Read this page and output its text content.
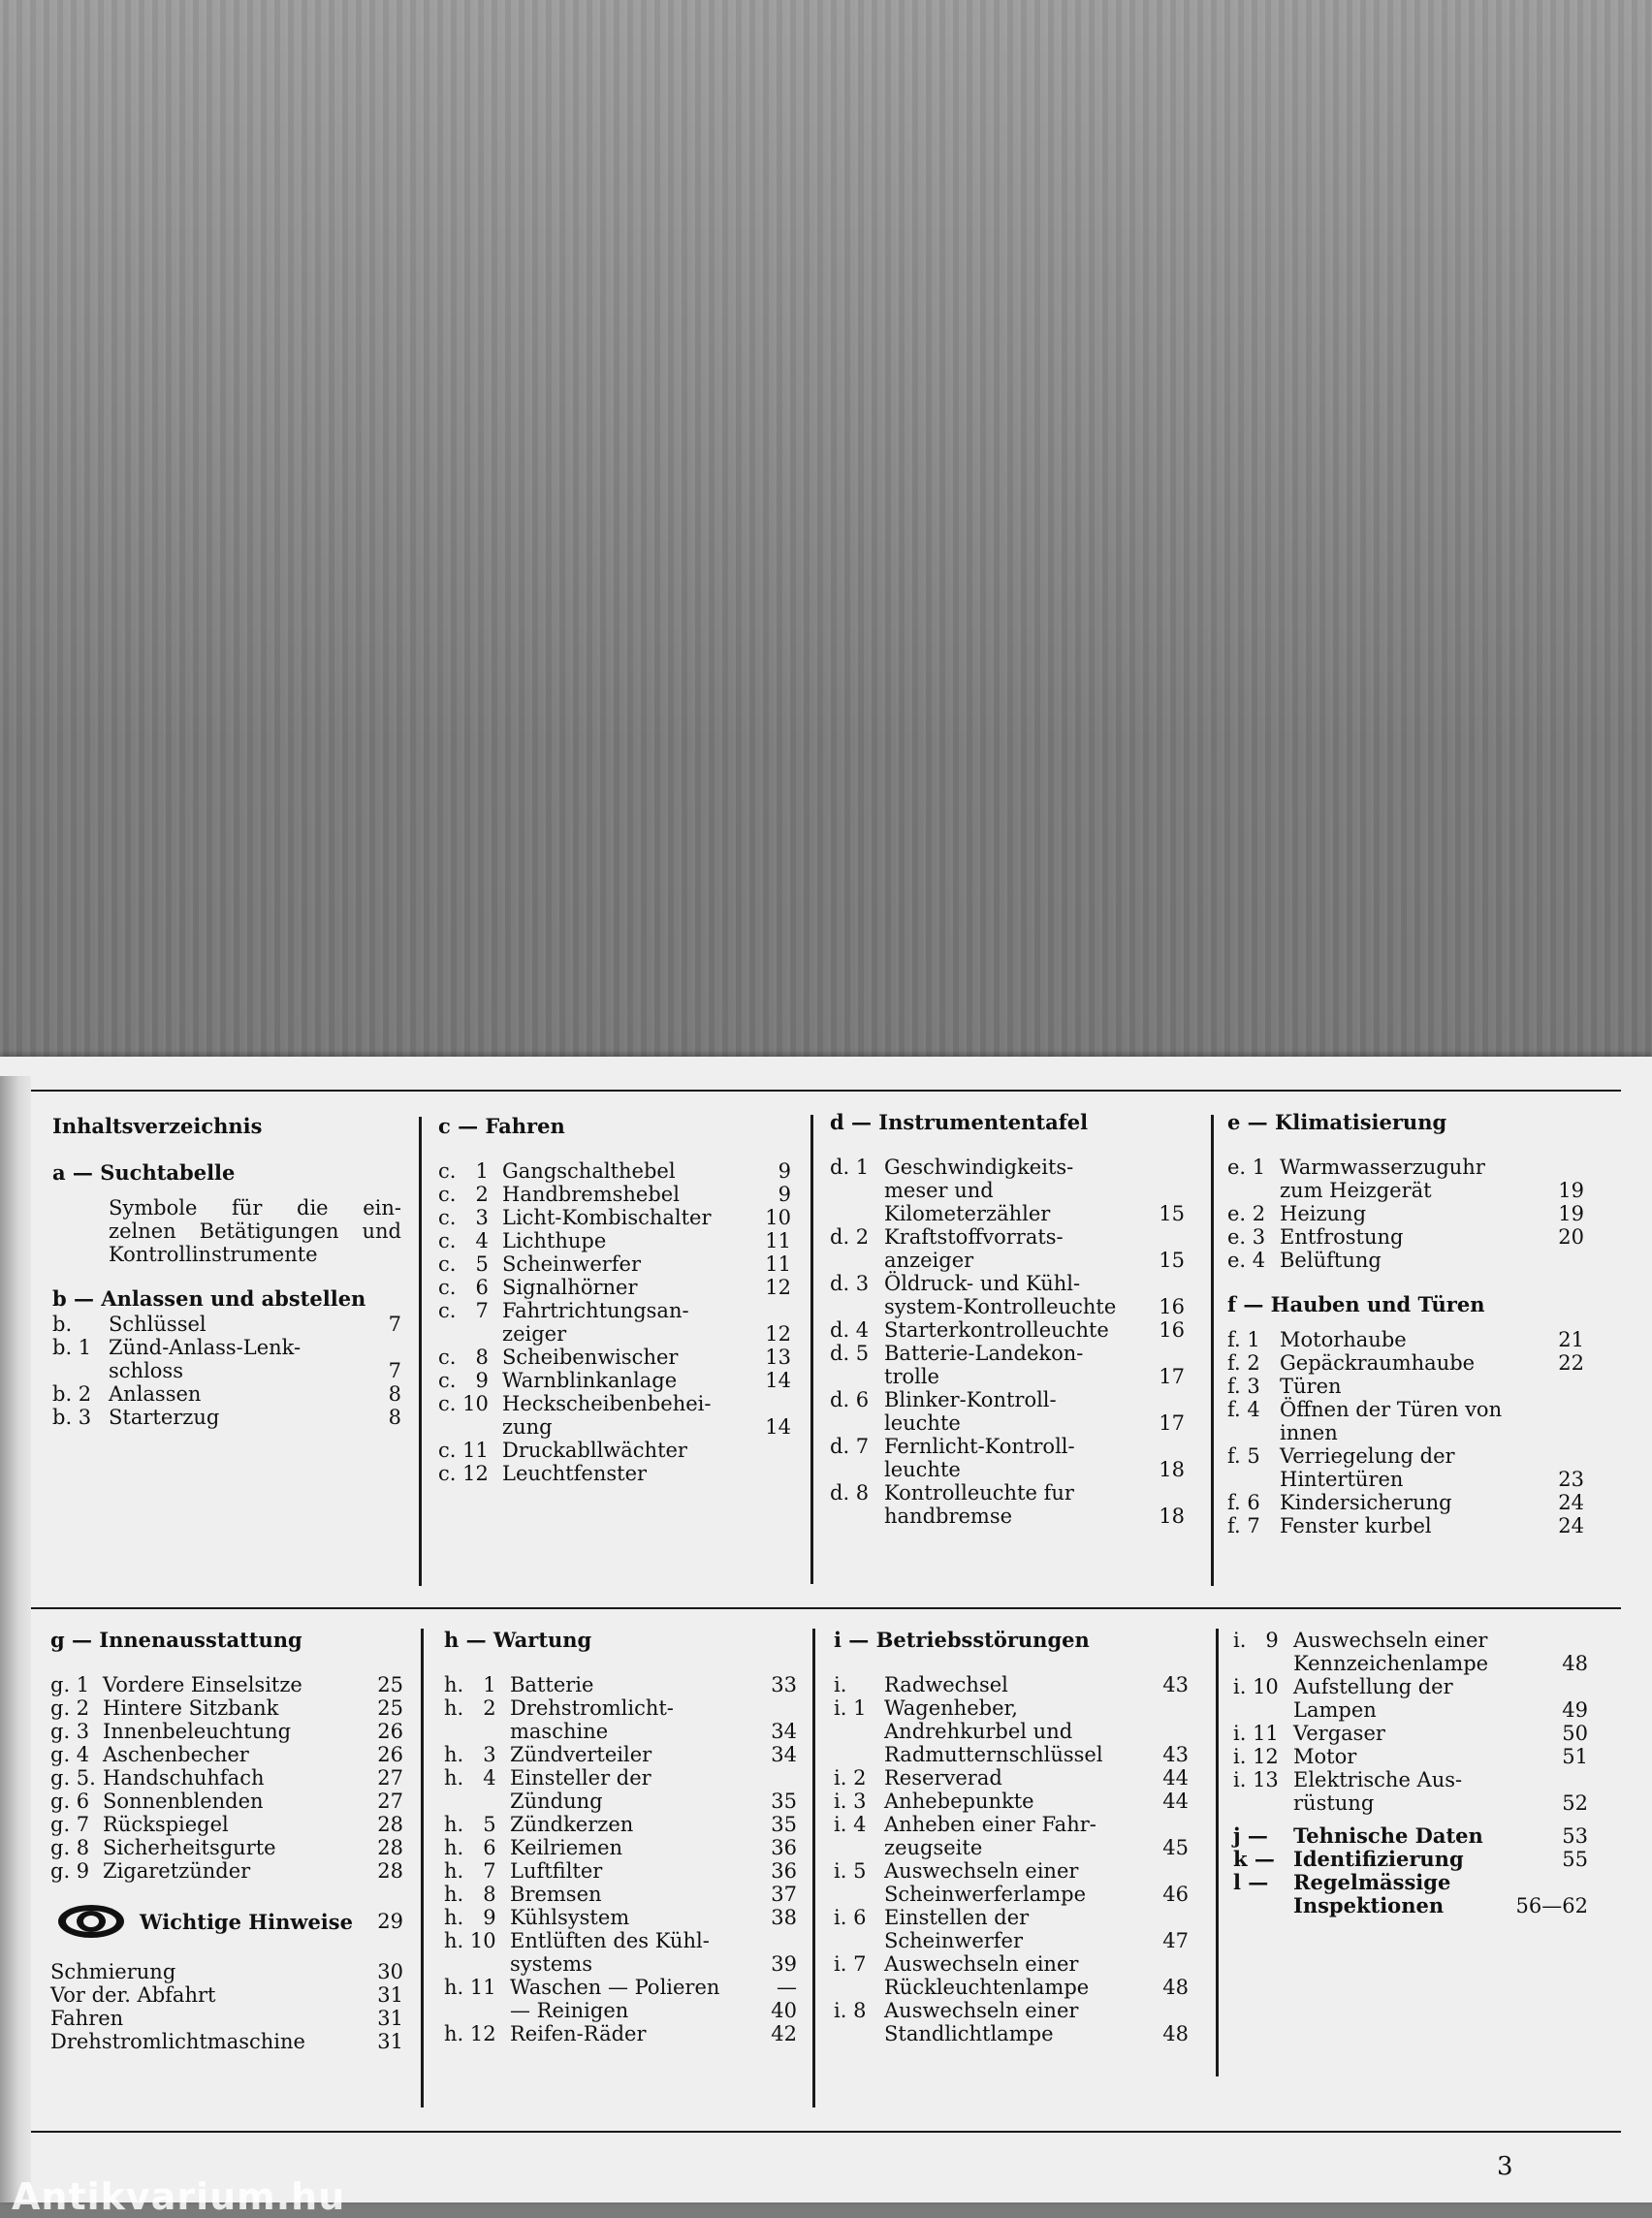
Inhaltsverzeichnis
a — Suchtabelle
Symbole für die ein-
zelnen Betätigungen und
Kontrollinstrumente
b — Anlassen und abstellen
b. Schlüssel	7
b. 1 Zünd-Anlass-Lenk-
schloss	7
b. 2 Anlassen	8
b. 3 Starterzug	8
c — Fahren
c.   1 Gangschalthebel	9
c.   2 Handbremshebel	9
c.   3 Licht-Kombischalter	10
c.   4 Lichthupe	11
c.   5 Scheinwerfer	11
c.   6 Signalhörner	12
c.   7 Fahrtrichtungsan-
zeiger	12
c.   8 Scheibenwischer	13
c.   9 Warnblinkanlage	14
c. 10 Heckscheibenbehei-
zung	14
c. 11 Druckabllwächter
c. 12 Leuchtfenster
d — Instrumententafel
d. 1 Geschwindigkeits-
meser und
Kilometerzähler	15
d. 2 Kraftstoffvorrats-
anzeiger	15
d. 3 Öldruck- und Kühl-
system-Kontrolleuchte 16
d. 4 Starterkontrolleuchte 16
d. 5 Batterie-Landekon-
trolle	17
d. 6 Blinker-Kontroll-
leuchte	17
d. 7 Fernlicht-Kontroll-
leuchte	18
d. 8 Kontrolleuchte fur
handbremse	18
e — Klimatisierung
e. 1 Warmwasserzuguhr
zum Heizgerät	19
e. 2 Heizung	19
e. 3 Entfrostung	20
e. 4 Belüftung
f — Hauben und Türen
f. 1 Motorhaube	21
f. 2 Gepäckraumhaube	22
f. 3 Türen
f. 4 Öffnen der Türen von
innen
f. 5 Verriegelung der
Hintertüren	23
f. 6 Kindersicherung	24
f. 7 Fenster kurbel	24
g — Innenausstattung
g. 1 Vordere Einselsitze	25
g. 2 Hintere Sitzbank	25
g. 3 Innenbeleuchtung	26
g. 4 Aschenbecher	26
g. 5. Handschuhfach	27
g. 6 Sonnenblenden	27
g. 7 Rückspiegel	28
g. 8 Sicherheitsgurte	28
g. 9 Zigaretzünder	28
Wichtige Hinweise 29
Schmierung	30
Vor der. Abfahrt	31
Fahren	31
Drehstromlichtmaschine	31
h — Wartung
h.   1 Batterie	33
h.   2 Drehstromlicht-
maschine	34
h.   3 Zündverteiler	34
h.   4 Einsteller der
Zündung	35
h.   5 Zündkerzen	35
h.   6 Keilriemen	36
h.   7 Luftfilter	36
h.   8 Bremsen	37
h.   9 Kühlsystem	38
h. 10 Entlüften des Kühl-
systems	39
h. 11 Waschen — Polieren	—
— Reinigen	40
h. 12 Reifen-Räder	42
i — Betriebsstörungen
i. Radwechsel	43
i. 1 Wagenheber,
Andrehkurbel und
Radmutternschlüssel	43
i. 2 Reserverad	44
i. 3 Anhebepunkte	44
i. 4 Anheben einer Fahr-
zeugseite	45
i. 5 Auswechseln einer
Scheinwerferlampe	46
i. 6 Einstellen der
Scheinwerfer	47
i. 7 Auswechseln einer
Rückleuchtenlampe	48
i. 8 Auswechseln einer
Standlichtlampe	48
i.   9 Auswechseln einer
Kennzeichenlampe	48
i. 10 Aufstellung der
Lampen	49
i. 11 Vergaser	50
i. 12 Motor	51
i. 13 Elektrische Aus-
rüstung	52
j — Tehnische Daten	53
k — Identifizierung	55
l — Regelmässige
Inspektionen	56—62
3
Antikvarium.hu
